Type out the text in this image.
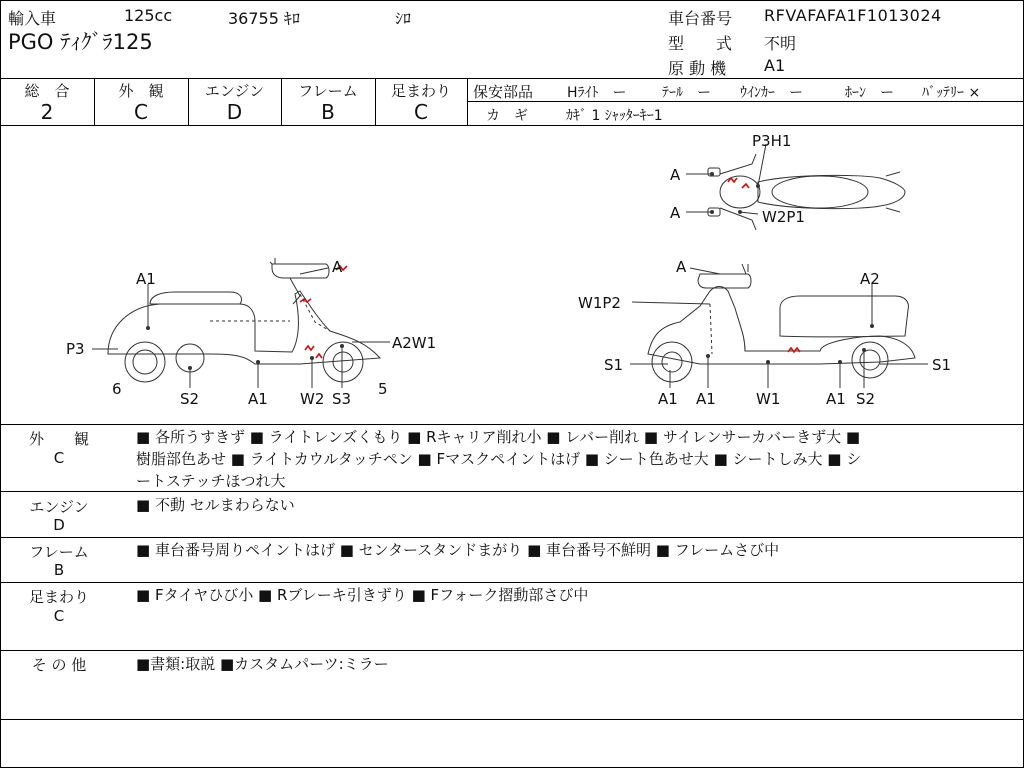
輸入車	125cc	36755 ｷﾛ	ｼﾛ
PGO ﾃｨｸﾞﾗ125
車台番号 RFVAFAFA1F1013024
型　　式 不明
原 動 機 A1
総　合
2
外　観
C
エンジン
D
フレーム
B
足まわり
C
保安部品 Hﾗｲﾄ　ー	ﾃｰﾙ　ー ｳｲﾝｶｰ　ー	ﾎｰﾝ　ー ﾊﾞｯﾃﾘｰ ×
カ　ギ	ｶｷﾞ 1 ｼｬｯﾀｰｷｰ1
A
A1
P3	A2W1
6	5
S2	A1 W2 S3
A
A2
W1P2
S1	S1
A1 A1	W1	A1 S2
P3H1
A
A	W2P1
外　　観
C
■ 各所うすきず ■ ライトレンズくもり ■ Rキャリア削れ小 ■ レバー削れ ■ サイレンサーカバーきず大 ■
樹脂部色あせ ■ ライトカウルタッチペン ■ Fマスクペイントはげ ■ シート色あせ大 ■ シートしみ大 ■ シ
ートステッチほつれ大
エンジン
D
■ 不動 セルまわらない
フレーム
B
■ 車台番号周りペイントはげ ■ センタースタンドまがり ■ 車台番号不鮮明 ■ フレームさび中
足まわり
C
■ Fタイヤひび小 ■ Rブレーキ引きずり ■ Fフォーク摺動部さび中
そ の 他	■書類:取説 ■カスタムパーツ:ミラー
